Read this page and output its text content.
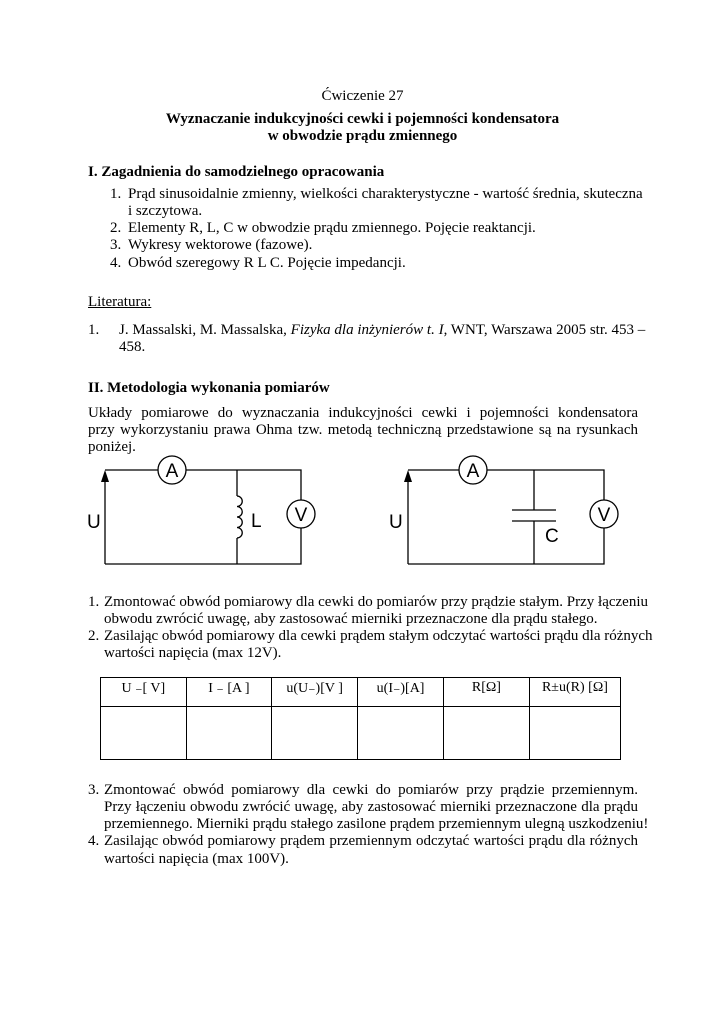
Ćwiczenie 27
Wyznaczanie indukcyjności cewki i pojemności kondensatora
w obwodzie prądu zmiennego
I. Zagadnienia do samodzielnego opracowania
1. Prąd sinusoidalnie zmienny, wielkości charakterystyczne - wartość średnia, skuteczna
i szczytowa.
2. Elementy R, L, C w obwodzie prądu zmiennego. Pojęcie reaktancji.
3. Wykresy wektorowe (fazowe).
4. Obwód szeregowy R L C. Pojęcie impedancji.
Literatura:
1. J. Massalski, M. Massalska, Fizyka dla inżynierów t. I, WNT, Warszawa 2005 str. 453 –
458.
II. Metodologia wykonania pomiarów
Układy pomiarowe do wyznaczania indukcyjności cewki i pojemności kondensatora
przy wykorzystaniu prawa Ohma tzw. metodą techniczną przedstawione są na rysunkach
poniżej.
A
V
U	L
A
V
U
C
1. Zmontować obwód pomiarowy dla cewki do pomiarów przy prądzie stałym. Przy łączeniu
obwodu zwrócić uwagę, aby zastosować mierniki przeznaczone dla prądu stałego.
2. Zasilając obwód pomiarowy dla cewki prądem stałym odczytać wartości prądu dla różnych
wartości napięcia (max 12V).
U ₋[ V]	I ₋ [A ]	u(U₋)[V ]	u(I₋)[A]	R[Ω]	R±u(R) [Ω]

3. Zmontować obwód pomiarowy dla cewki do pomiarów przy prądzie przemiennym.
Przy łączeniu obwodu zwrócić uwagę, aby zastosować mierniki przeznaczone dla prądu
przemiennego. Mierniki prądu stałego zasilone prądem przemiennym ulegną uszkodzeniu!
4. Zasilając obwód pomiarowy prądem przemiennym odczytać wartości prądu dla różnych
wartości napięcia (max 100V).
